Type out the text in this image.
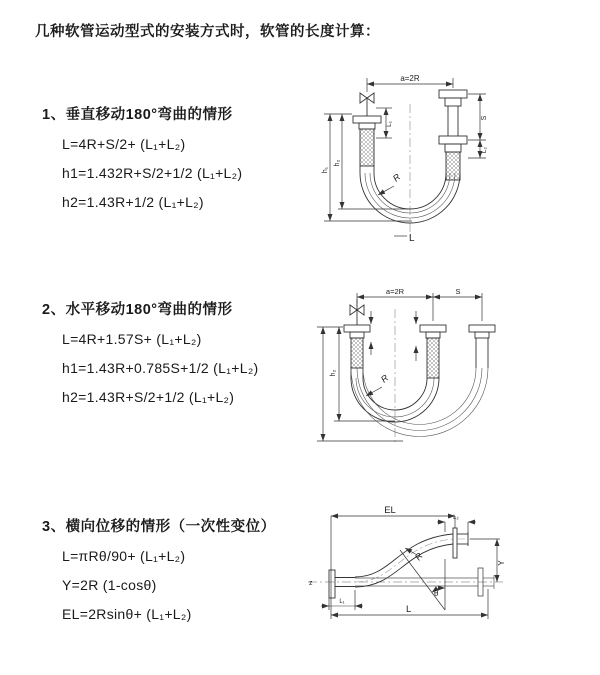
几种软管运动型式的安装方式时，软管的长度计算：
1、垂直移动180°弯曲的情形
L=4R+S/2+ (L₁+L₂)
h1=1.432R+S/2+1/2 (L₁+L₂)
h2=1.43R+1/2 (L₁+L₂)
a=2R
h₁
h₂
L₁
S
L₂
R
L
2、水平移动180°弯曲的情形
L=4R+1.57S+ (L₁+L₂)
h1=1.43R+0.785S+1/2 (L₁+L₂)
h2=1.43R+S/2+1/2 (L₁+L₂)
a=2R	S
h₂	R
3、横向位移的情形（一次性变位）
L=πRθ/90+ (L₁+L₂)
Y=2R (1-cosθ)
EL=2Rsinθ+ (L₁+L₂)
EL
L₂
Y
L
L₁
R
θ
z
